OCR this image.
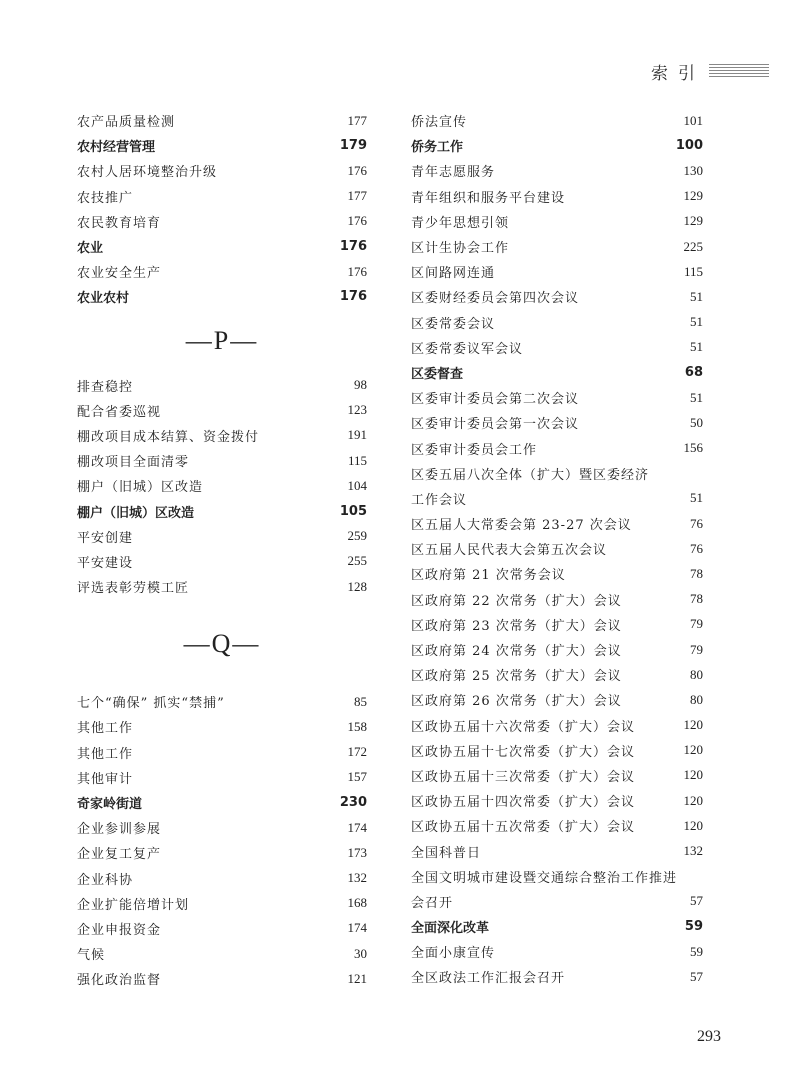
索引
农产品质量检测	177
农村经营管理	179
农村人居环境整治升级	176
农技推广	177
农民教育培育	176
农业	176
农业安全生产	176
农业农村	176
—P—
排查稳控	98
配合省委巡视	123
棚改项目成本结算、资金拨付	191
棚改项目全面清零	115
棚户（旧城）区改造	104
棚户（旧城）区改造	105
平安创建	259
平安建设	255
评选表彰劳模工匠	128
—Q—
七个“确保” 抓实“禁捕”	85
其他工作	158
其他工作	172
其他审计	157
奇家岭街道	230
企业参训参展	174
企业复工复产	173
企业科协	132
企业扩能倍增计划	168
企业申报资金	174
气候	30
强化政治监督	121
侨法宣传	101
侨务工作	100
青年志愿服务	130
青年组织和服务平台建设	129
青少年思想引领	129
区计生协会工作	225
区间路网连通	115
区委财经委员会第四次会议	51
区委常委会议	51
区委常委议军会议	51
区委督查	68
区委审计委员会第二次会议	51
区委审计委员会第一次会议	50
区委审计委员会工作	156
区委五届八次全体（扩大）暨区委经济
工作会议	51
区五届人大常委会第 23-27 次会议	76
区五届人民代表大会第五次会议	76
区政府第 21 次常务会议	78
区政府第 22 次常务（扩大）会议	78
区政府第 23 次常务（扩大）会议	79
区政府第 24 次常务（扩大）会议	79
区政府第 25 次常务（扩大）会议	80
区政府第 26 次常务（扩大）会议	80
区政协五届十六次常委（扩大）会议	120
区政协五届十七次常委（扩大）会议	120
区政协五届十三次常委（扩大）会议	120
区政协五届十四次常委（扩大）会议	120
区政协五届十五次常委（扩大）会议	120
全国科普日	132
全国文明城市建设暨交通综合整治工作推进
会召开	57
全面深化改革	59
全面小康宣传	59
全区政法工作汇报会召开	57
293
